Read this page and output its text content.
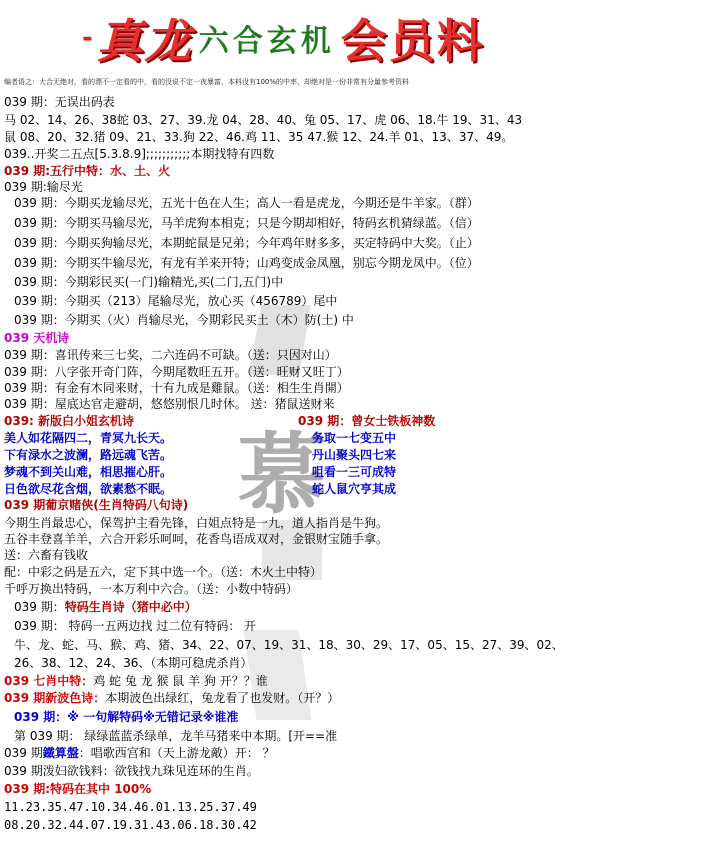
- 真龙 六合玄机 会员料
编者语之：大合无绝对，看的漂不一定看的中，看的没说不定一夜暴富，本料没有100%的中率，却绝对是一份非常有分量参考资料
慕
039 期：无误出码表
马 02、14、26、38蛇 03、27、39.龙 04、28、40、兔 05、17、虎 06、18.牛 19、31、43
鼠 08、20、32.猪 09、21、33.狗 22、46.鸡 11、35 47.猴 12、24.羊 01、13、37、49。
039..开奖二五点[5.3.8.9];;;;;;;;;;;本期找特有四数
039 期:五行中特：水、土、火
039 期:输尽光
039 期：今期买龙输尽光，五光十色在人生；高人一看是虎龙，今期还是牛羊家。（群）
039 期：今期买马输尽光，马羊虎狗本相克；只是今期却相好，特码玄机猜绿蓝。（信）
039 期：今期买狗输尽光，本期蛇鼠是兄弟；今年鸡年财多多，买定特码中大奖。（止）
039 期：今期买牛输尽光，有龙有羊来开特；山鸡变成金凤凰，别忘今期龙凤中。（位）
039 期：今期彩民买(一门)输精光,买(二门,五门)中
039 期：今期买（213）尾输尽光，放心买（456789）尾中
039 期：今期买（火）肖输尽光，今期彩民买土（木）防(土) 中
039 天机诗
039 期：喜讯传来三七奖，二六连码不可缺。（送：只因对山）
039 期：八字张开奇门阵，今期尾数旺五开。（送：旺财又旺丁）
039 期：有金有木同来财，十有九成是雞鼠。（送：相生生肖開）
039 期：屋底达官走避胡，悠悠别恨几时休。 送：猪鼠送财来
039: 新版白小姐玄机诗	039 期：曾女士铁板神数
美人如花隔四二，青冥九长天。	务取一七变五中
下有渌水之波澜，路远魂飞苦。	丹山聚头四七来
梦魂不到关山难，相思摧心肝。	咀看一三可成特
日色欲尽花含烟，欲素愁不眠。	蛇人鼠穴亨其成
039 期葡京赌侠(生肖特码八句诗)
今期生肖最忠心，保驾护主看先锋，白姐点特是一九，道人指肖是牛狗。
五谷丰登喜羊羊，六合开彩乐呵呵，花香鸟语成双对，金银财宝随手拿。
送：六畜有钱收
配：中彩之码是五六，定下其中选一个。（送：木火土中特）
千呼万换出特码，一本万利中六合。（送：小数中特码）
039 期：特码生肖诗（猪中必中）
039 期： 特码一五两边找 过二位有特码： 开
牛、龙、蛇、马、猴、鸡、猪、34、22、07、19、31、18、30、29、17、05、15、27、39、02、
26、38、12、24、36、（本期可稳虎杀肖）
039 七肖中特：鸡 蛇 兔 龙 猴 鼠 羊 狗 开？？谁
039 期新波色诗：本期波色出绿红，兔龙看了也发财。（开？）
039 期：※ 一句解特码※无错记录※谁准
第 039 期： 绿绿蓝蓝杀绿单，龙羊马猪来中本期。[开==准
039 期鐵算盤：唱歌西宫和（天上游龙敵）开： ？
039 期泼妇欲钱料：欲钱找九珠见连环的生肖。
039 期:特码在其中 100%
11.23.35.47.10.34.46.01.13.25.37.49
08.20.32.44.07.19.31.43.06.18.30.42
